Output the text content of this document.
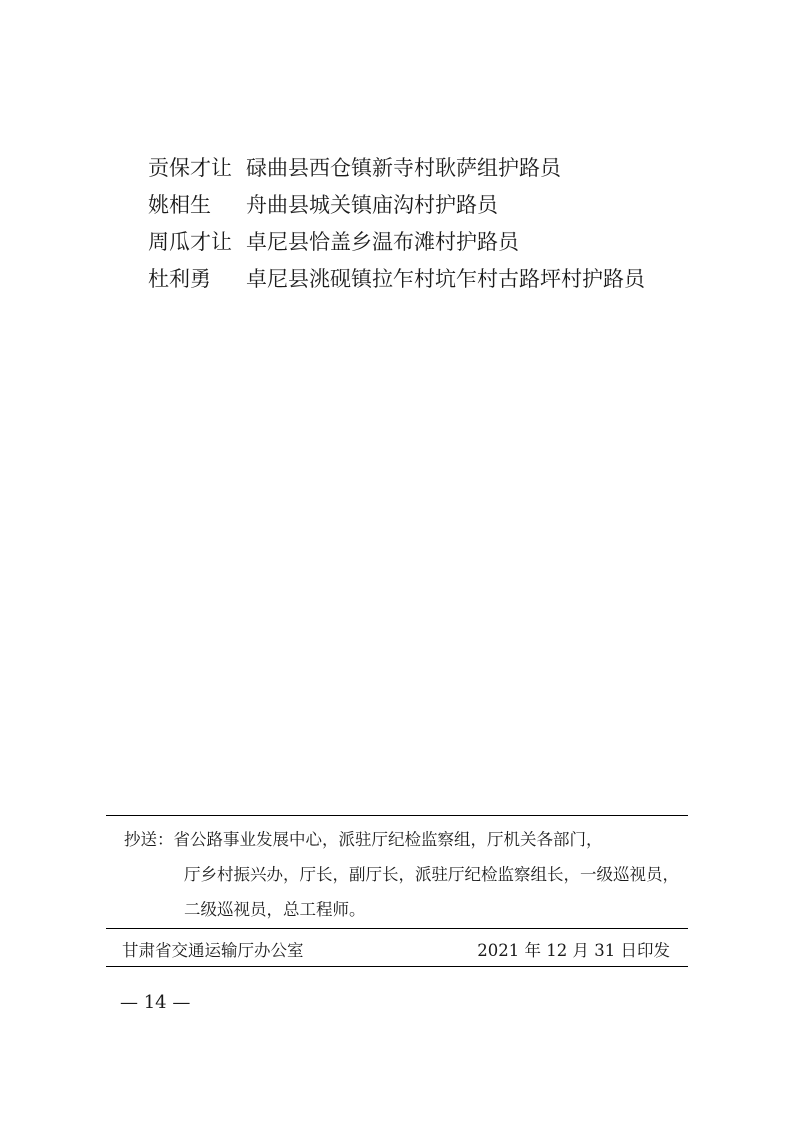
贡保才让 碌曲县西仓镇新寺村耿萨组护路员
姚相生	舟曲县城关镇庙沟村护路员
周瓜才让 卓尼县恰盖乡温布滩村护路员
杜利勇	卓尼县洮砚镇拉乍村坑乍村古路坪村护路员
抄送：省公路事业发展中心，派驻厅纪检监察组，厅机关各部门，
厅乡村振兴办，厅长，副厅长，派驻厅纪检监察组长，一级巡视员，
二级巡视员，总工程师。
甘肃省交通运输厅办公室	2021 年 12 月 31 日印发
— 14 —
